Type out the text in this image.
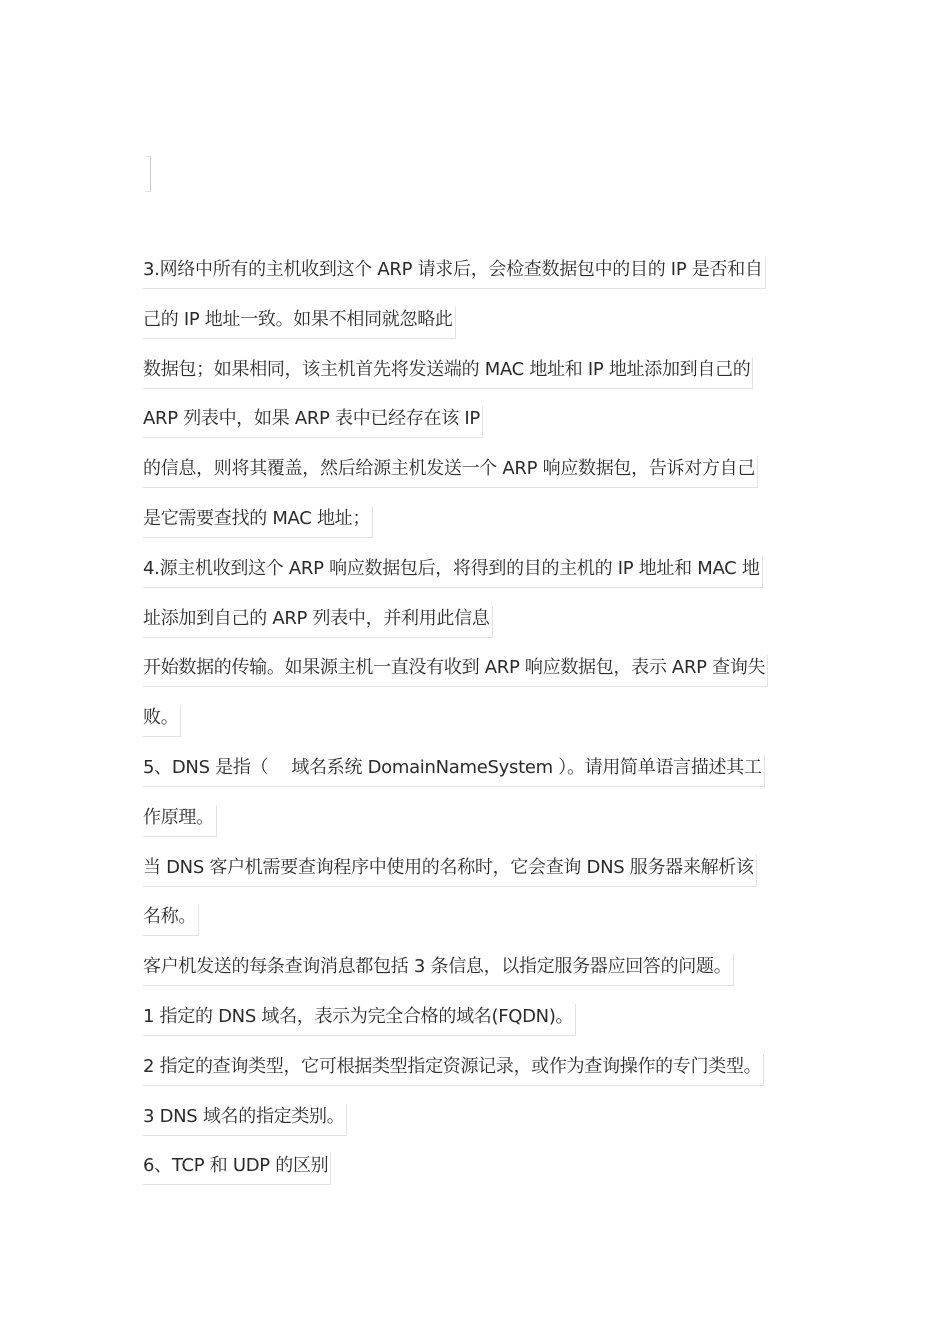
3.网络中所有的主机收到这个 ARP 请求后，会检查数据包中的目的 IP 是否和自
己的 IP 地址一致。如果不相同就忽略此
数据包；如果相同，该主机首先将发送端的 MAC 地址和 IP 地址添加到自己的
ARP 列表中，如果 ARP 表中已经存在该 IP
的信息，则将其覆盖，然后给源主机发送一个 ARP 响应数据包，告诉对方自己
是它需要查找的 MAC 地址；
4.源主机收到这个 ARP 响应数据包后，将得到的目的主机的 IP 地址和 MAC 地
址添加到自己的 ARP 列表中，并利用此信息
开始数据的传输。如果源主机一直没有收到 ARP 响应数据包，表示 ARP 查询失
败。
5、DNS 是指（　 域名系统 DomainNameSystem ）。请用简单语言描述其工
作原理。
当 DNS 客户机需要查询程序中使用的名称时，它会查询 DNS 服务器来解析该
名称。
客户机发送的每条查询消息都包括 3 条信息，以指定服务器应回答的问题。
1 指定的 DNS 域名，表示为完全合格的域名(FQDN)。
2 指定的查询类型，它可根据类型指定资源记录，或作为查询操作的专门类型。
3 DNS 域名的指定类别。
6、TCP 和 UDP 的区别
